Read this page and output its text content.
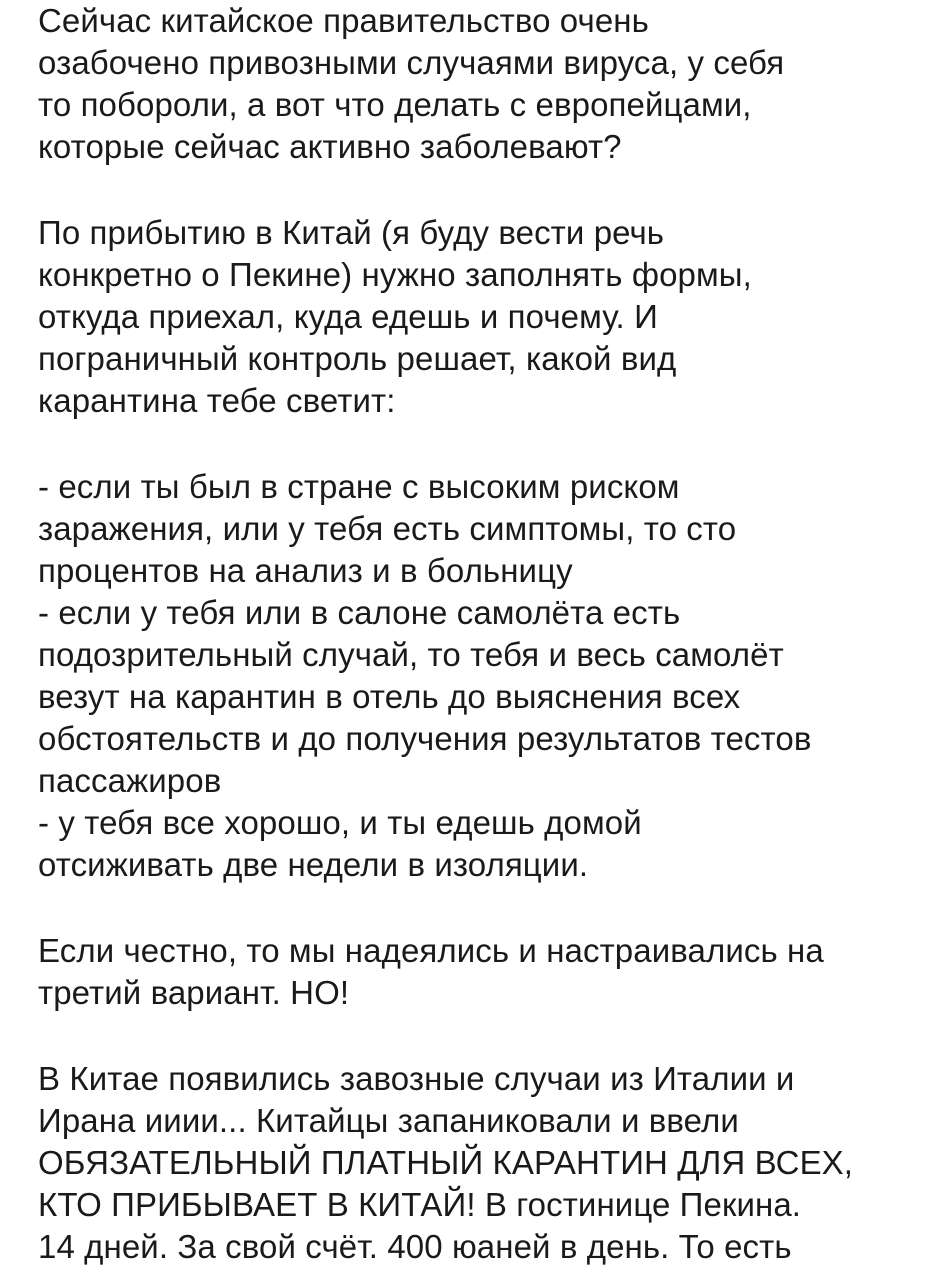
Сейчас китайское правительство очень
озабочено привозными случаями вируса, у себя
то побороли, а вот что делать с европейцами,
которые сейчас активно заболевают?
По прибытию в Китай (я буду вести речь
конкретно о Пекине) нужно заполнять формы,
откуда приехал, куда едешь и почему. И
пограничный контроль решает, какой вид
карантина тебе светит:
- если ты был в стране с высоким риском
заражения, или у тебя есть симптомы, то сто
процентов на анализ и в больницу
- если у тебя или в салоне самолёта есть
подозрительный случай, то тебя и весь самолёт
везут на карантин в отель до выяснения всех
обстоятельств и до получения результатов тестов
пассажиров
- у тебя все хорошо, и ты едешь домой
отсиживать две недели в изоляции.
Если честно, то мы надеялись и настраивались на
третий вариант. НО!
В Китае появились завозные случаи из Италии и
Ирана ииии... Китайцы запаниковали и ввели
ОБЯЗАТЕЛЬНЫЙ ПЛАТНЫЙ КАРАНТИН ДЛЯ ВСЕХ,
КТО ПРИБЫВАЕТ В КИТАЙ! В гостинице Пекина.
14 дней. За свой счёт. 400 юаней в день. То есть
